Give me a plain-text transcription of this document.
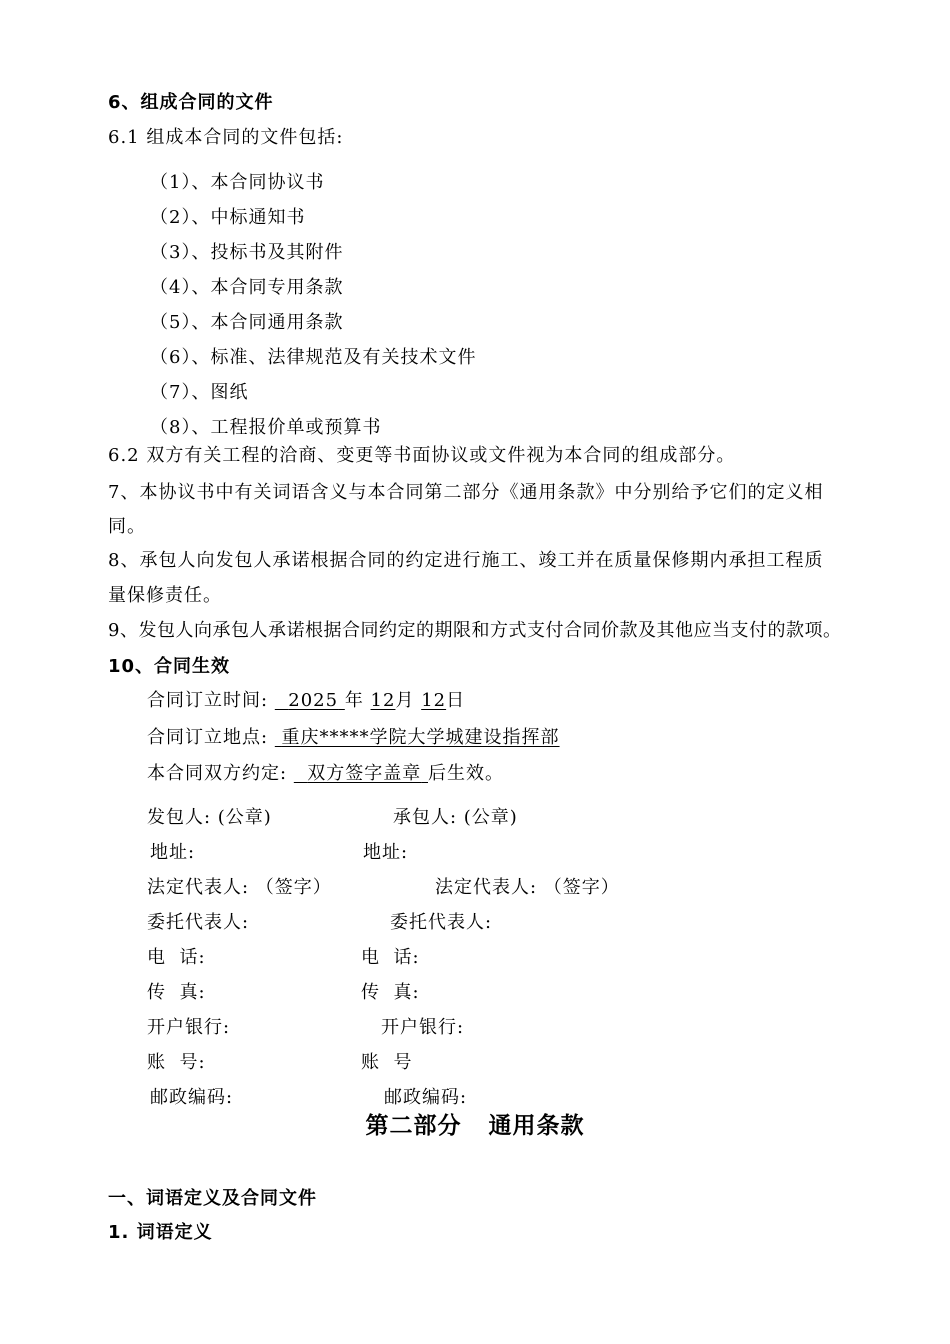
6、组成合同的文件
6.1 组成本合同的文件包括:
（1）、本合同协议书
（2）、中标通知书
（3）、投标书及其附件
（4）、本合同专用条款
（5）、本合同通用条款
（6）、标准、法律规范及有关技术文件
（7）、图纸
（8）、工程报价单或预算书
6.2 双方有关工程的洽商、变更等书面协议或文件视为本合同的组成部分。
7、本协议书中有关词语含义与本合同第二部分《通用条款》中分别给予它们的定义相
同。
8、承包人向发包人承诺根据合同的约定进行施工、竣工并在质量保修期内承担工程质
量保修责任。
9、发包人向承包人承诺根据合同约定的期限和方式支付合同价款及其他应当支付的款项。
10、合同生效
合同订立时间: 2025 年 12月 12日
合同订立地点: 重庆*****学院大学城建设指挥部
本合同双方约定: 双方签字盖章 后生效。
发包人: (公章)
地址:
法定代表人: （签字）
委托代表人:
电  话:
传  真:
开户银行:
账  号:
邮政编码:
承包人: (公章)
地址:
法定代表人: （签字）
委托代表人:
电  话:
传  真:
开户银行:
账  号
邮政编码:
第二部分   通用条款
一、词语定义及合同文件
1. 词语定义
